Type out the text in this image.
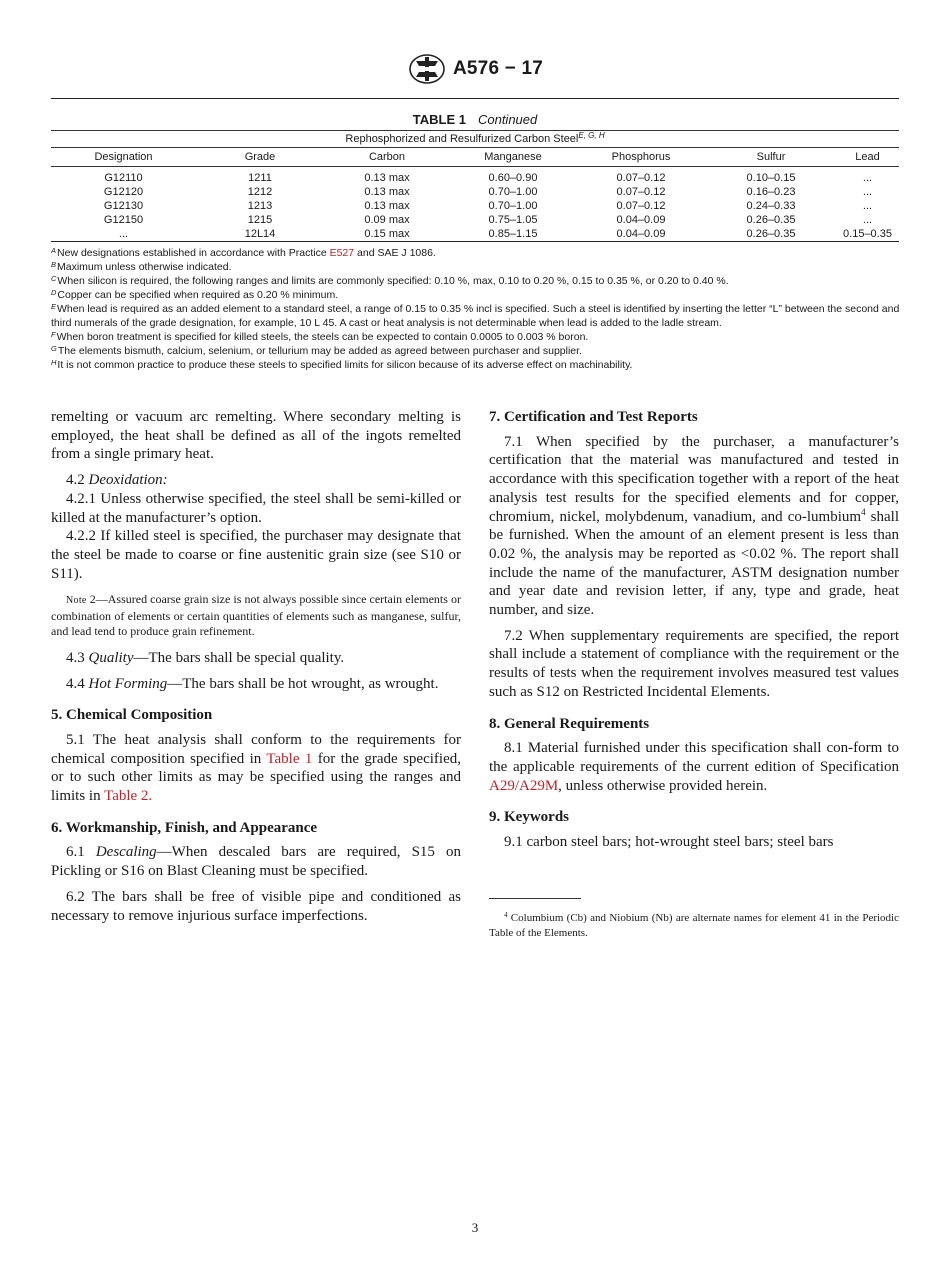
A576 − 17
TABLE 1 Continued
Rephosphorized and Resulfurized Carbon Steel$^{E, G, H}$
Designation	Grade	Carbon	Manganese	Phosphorus	Sulfur	Lead

G12110	1211	0.13 max	0.60–0.90	0.07–0.12	0.10–0.15	...
G12120	1212	0.13 max	0.70–1.00	0.07–0.12	0.16–0.23	...
G12130	1213	0.13 max	0.70–1.00	0.07–0.12	0.24–0.33	...
G12150	1215	0.09 max	0.75–1.05	0.04–0.09	0.26–0.35	...
...	12L14	0.15 max	0.85–1.15	0.04–0.09	0.26–0.35	0.15–0.35

$^A$New designations established in accordance with Practice E527 and SAE J 1086.

$^B$Maximum unless otherwise indicated.

$^C$When silicon is required, the following ranges and limits are commonly specified: 0.10 %, max, 0.10 to 0.20 %, 0.15 to 0.35 %, or 0.20 to 0.40 %.

$^D$Copper can be specified when required as 0.20 % minimum.

$^E$When lead is required as an added element to a standard steel, a range of 0.15 to 0.35 % incl is specified. Such a steel is identified by inserting the letter “L” between the second and third numerals of the grade designation, for example, 10 L 45. A cast or heat analysis is not determinable when lead is added to the ladle stream.

$^F$When boron treatment is specified for killed steels, the steels can be expected to contain 0.0005 to 0.003 % boron.

$^G$The elements bismuth, calcium, selenium, or tellurium may be added as agreed between purchaser and supplier.

$^H$It is not common practice to produce these steels to specified limits for silicon because of its adverse effect on machinability.

remelting or vacuum arc remelting. Where secondary melting is employed, the heat shall be defined as all of the ingots remelted from a single primary heat.

4.2 Deoxidation:

4.2.1 Unless otherwise specified, the steel shall be semi-killed or killed at the manufacturer’s option.

4.2.2 If killed steel is specified, the purchaser may designate that the steel be made to coarse or fine austenitic grain size (see S10 or S11).

Note 2—Assured coarse grain size is not always possible since certain elements or combination of elements or certain quantities of elements such as manganese, sulfur, and lead tend to produce grain refinement.

4.3 Quality—The bars shall be special quality.

4.4 Hot Forming—The bars shall be hot wrought, as wrought.

5. Chemical Composition

5.1 The heat analysis shall conform to the requirements for chemical composition specified in Table 1 for the grade specified, or to such other limits as may be specified using the ranges and limits in Table 2.

6. Workmanship, Finish, and Appearance

6.1 Descaling—When descaled bars are required, S15 on Pickling or S16 on Blast Cleaning must be specified.

6.2 The bars shall be free of visible pipe and conditioned as necessary to remove injurious surface imperfections.

7. Certification and Test Reports

7.1 When specified by the purchaser, a manufacturer’s certification that the material was manufactured and tested in accordance with this specification together with a report of the heat analysis test results for the specified elements and for copper, chromium, nickel, molybdenum, vanadium, and co-lumbium$^4$ shall be furnished. When the amount of an element present is less than 0.02 %, the analysis may be reported as <0.02 %. The report shall include the name of the manufacturer, ASTM designation number and year date and revision letter, if any, type and grade, heat number, and size.

7.2 When supplementary requirements are specified, the report shall include a statement of compliance with the requirement or the results of tests when the requirement involves measured test values such as S12 on Restricted Incidental Elements.

8. General Requirements

8.1 Material furnished under this specification shall con-form to the applicable requirements of the current edition of Specification A29/A29M, unless otherwise provided herein.

9. Keywords

9.1 carbon steel bars; hot-wrought steel bars; steel bars

$^4$ Columbium (Cb) and Niobium (Nb) are alternate names for element 41 in the Periodic Table of the Elements.

3
